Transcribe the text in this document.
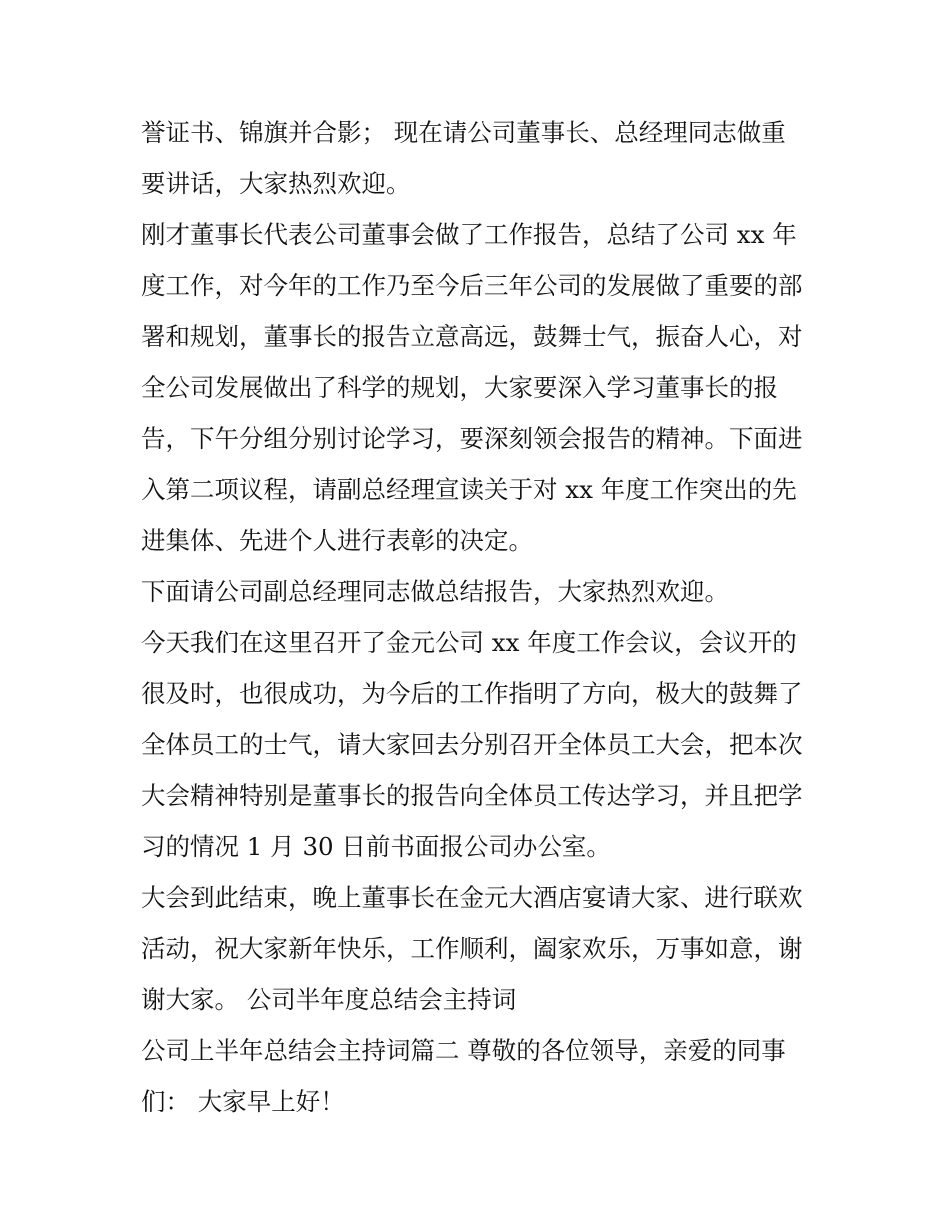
誉证书、锦旗并合影； 现在请公司董事长、总经理同志做重
要讲话，大家热烈欢迎。
刚才董事长代表公司董事会做了工作报告，总结了公司 xx 年
度工作，对今年的工作乃至今后三年公司的发展做了重要的部
署和规划，董事长的报告立意高远，鼓舞士气，振奋人心，对
全公司发展做出了科学的规划，大家要深入学习董事长的报
告，下午分组分别讨论学习，要深刻领会报告的精神。下面进
入第二项议程，请副总经理宣读关于对 xx 年度工作突出的先
进集体、先进个人进行表彰的决定。
下面请公司副总经理同志做总结报告，大家热烈欢迎。
今天我们在这里召开了金元公司 xx 年度工作会议，会议开的
很及时，也很成功，为今后的工作指明了方向，极大的鼓舞了
全体员工的士气，请大家回去分别召开全体员工大会，把本次
大会精神特别是董事长的报告向全体员工传达学习，并且把学
习的情况 1 月 30 日前书面报公司办公室。
大会到此结束，晚上董事长在金元大酒店宴请大家、进行联欢
活动，祝大家新年快乐，工作顺利，阖家欢乐，万事如意，谢
谢大家。 公司半年度总结会主持词
公司上半年总结会主持词篇二 尊敬的各位领导，亲爱的同事
们： 大家早上好！
